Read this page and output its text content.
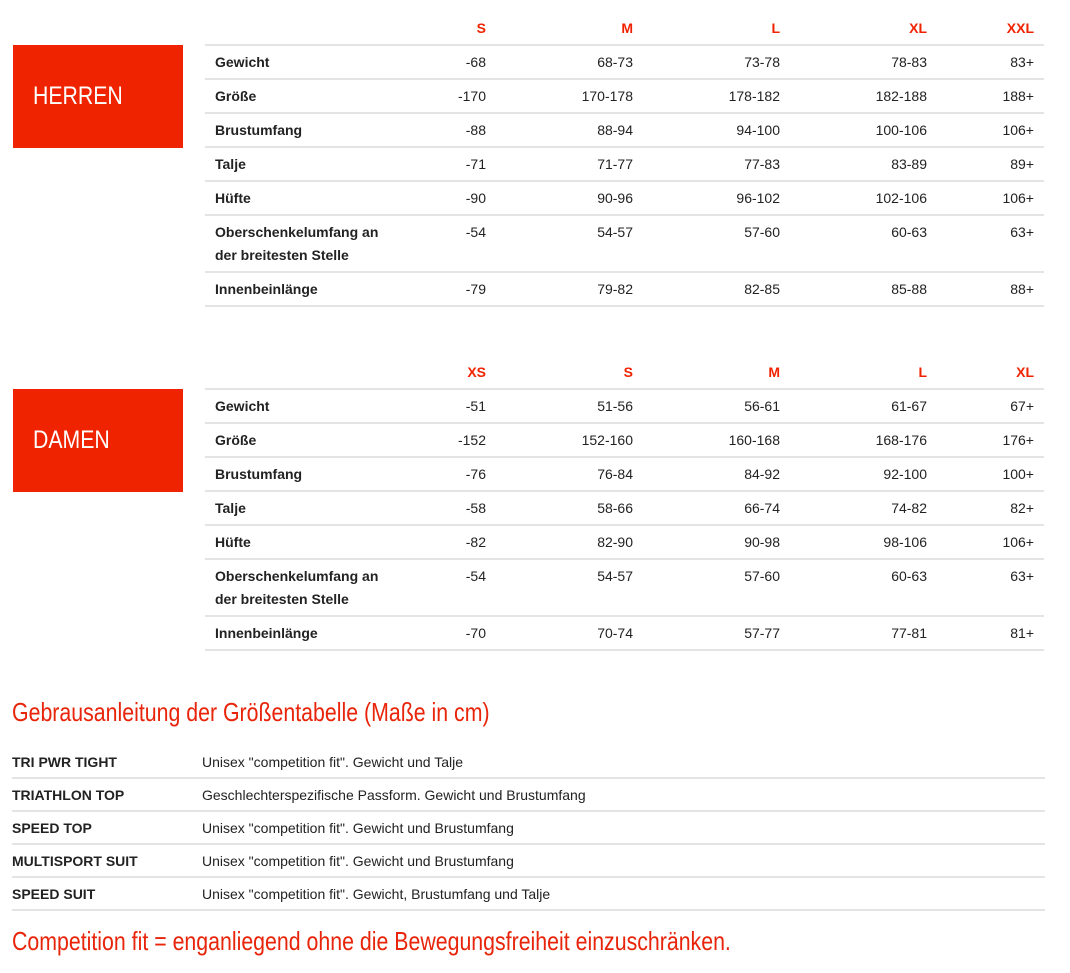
HERREN
	S	M	L	XL	XXL
Gewicht	-68	68-73	73-78	78-83	83+
Größe	-170	170-178	178-182	182-188	188+
Brustumfang	-88	88-94	94-100	100-106	106+
Talje	-71	71-77	77-83	83-89	89+
Hüfte	-90	90-96	96-102	102-106	106+
Oberschenkelumfang an der breitesten Stelle	-54	54-57	57-60	60-63	63+
Innenbeinlänge	-79	79-82	82-85	85-88	88+
DAMEN
	XS	S	M	L	XL
Gewicht	-51	51-56	56-61	61-67	67+
Größe	-152	152-160	160-168	168-176	176+
Brustumfang	-76	76-84	84-92	92-100	100+
Talje	-58	58-66	66-74	74-82	82+
Hüfte	-82	82-90	90-98	98-106	106+
Oberschenkelumfang an der breitesten Stelle	-54	54-57	57-60	60-63	63+
Innenbeinlänge	-70	70-74	57-77	77-81	81+
Gebrausanleitung der Größentabelle (Maße in cm)
TRI PWR TIGHT	Unisex "competition fit". Gewicht und Talje
TRIATHLON TOP	Geschlechterspezifische Passform. Gewicht und Brustumfang
SPEED TOP	Unisex "competition fit". Gewicht und Brustumfang
MULTISPORT SUIT	Unisex "competition fit". Gewicht und Brustumfang
SPEED SUIT	Unisex "competition fit". Gewicht, Brustumfang und Talje
Competition fit = enganliegend ohne die Bewegungsfreiheit einzuschränken.
